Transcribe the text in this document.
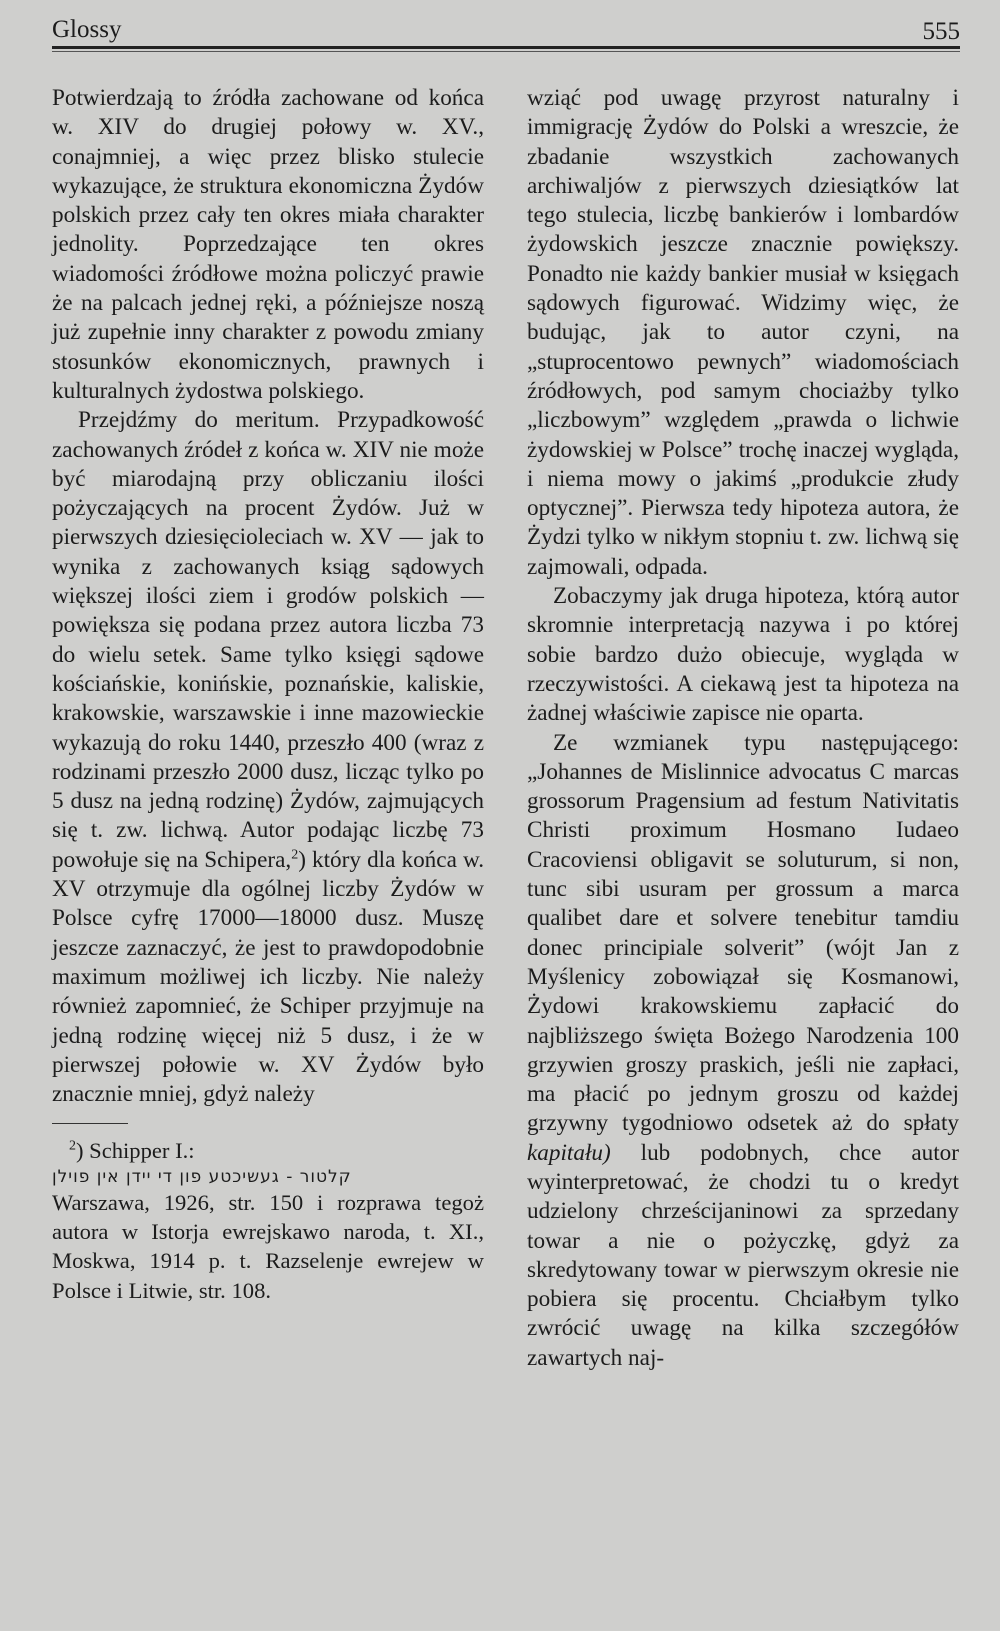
Glossy	555

Potwierdzają to źródła zachowane od końca w. XIV do drugiej połowy w. XV., conajmniej, a więc przez blisko stulecie wykazujące, że struktura ekonomiczna Żydów polskich przez cały ten okres miała charakter jednolity. Poprzedzające ten okres wiadomości źródłowe można policzyć prawie że na palcach jednej ręki, a późniejsze noszą już zupełnie inny charakter z powodu zmiany stosunków ekonomicznych, prawnych i kulturalnych żydostwa polskiego.

Przejdźmy do meritum. Przypadkowość zachowanych źródeł z końca w. XIV nie może być miarodajną przy obliczaniu ilości pożyczających na procent Żydów. Już w pierwszych dziesięcioleciach w. XV — jak to wynika z zachowanych ksiąg sądowych większej ilości ziem i grodów polskich — powiększa się podana przez autora liczba 73 do wielu setek. Same tylko księgi sądowe kościańskie, konińskie, poznańskie, kaliskie, krakowskie, warszawskie i inne mazowieckie wykazują do roku 1440, przeszło 400 (wraz z rodzinami przeszło 2000 dusz, licząc tylko po 5 dusz na jedną rodzinę) Żydów, zajmujących się t. zw. lichwą. Autor podając liczbę 73 powołuje się na Schipera,$^2$) który dla końca w. XV otrzymuje dla ogólnej liczby Żydów w Polsce cyfrę 17000—18000 dusz. Muszę jeszcze zaznaczyć, że jest to prawdopodobnie maximum możliwej ich liczby. Nie należy również zapomnieć, że Schiper przyjmuje na jedną rodzinę więcej niż 5 dusz, i że w pierwszej połowie w. XV Żydów było znacznie mniej, gdyż należy

$^2$) Schipper I.:

קלטור - געשיכטע פון די יידן אין פוילן

Warszawa, 1926, str. 150 i rozprawa tegoż autora w Istorja ewrejskawo naroda, t. XI., Moskwa, 1914 p. t. Razselenje ewrejew w Polsce i Litwie, str. 108.

wziąć pod uwagę przyrost naturalny i immigrację Żydów do Polski a wreszcie, że zbadanie wszystkich zachowanych archiwaljów z pierwszych dziesiątków lat tego stulecia, liczbę bankierów i lombardów żydowskich jeszcze znacznie powiększy. Ponadto nie każdy bankier musiał w księgach sądowych figurować. Widzimy więc, że budując, jak to autor czyni, na „stuprocentowo pewnych” wiadomościach źródłowych, pod samym chociażby tylko „liczbowym” względem „prawda o lichwie żydowskiej w Polsce” trochę inaczej wygląda, i niema mowy o jakimś „produkcie złudy optycznej”. Pierwsza tedy hipoteza autora, że Żydzi tylko w nikłym stopniu t. zw. lichwą się zajmowali, odpada.

Zobaczymy jak druga hipoteza, którą autor skromnie interpretacją nazywa i po której sobie bardzo dużo obiecuje, wygląda w rzeczywistości. A ciekawą jest ta hipoteza na żadnej właściwie zapisce nie oparta.

Ze wzmianek typu następującego: „Johannes de Mislinnice advocatus C marcas grossorum Pragensium ad festum Nativitatis Christi proximum Hosmano Iudaeo Cracoviensi obligavit se soluturum, si non, tunc sibi usuram per grossum a marca qualibet dare et solvere tenebitur tamdiu donec principiale solverit” (wójt Jan z Myślenicy zobowiązał się Kosmanowi, Żydowi krakowskiemu zapłacić do najbliższego święta Bożego Narodzenia 100 grzywien groszy praskich, jeśli nie zapłaci, ma płacić po jednym groszu od każdej grzywny tygodniowo odsetek aż do spłaty kapitału) lub podobnych, chce autor wyinterpretować, że chodzi tu o kredyt udzielony chrześcijaninowi za sprzedany towar a nie o pożyczkę, gdyż za skredytowany towar w pierwszym okresie nie pobiera się procentu. Chciałbym tylko zwrócić uwagę na kilka szczegółów zawartych naj-
